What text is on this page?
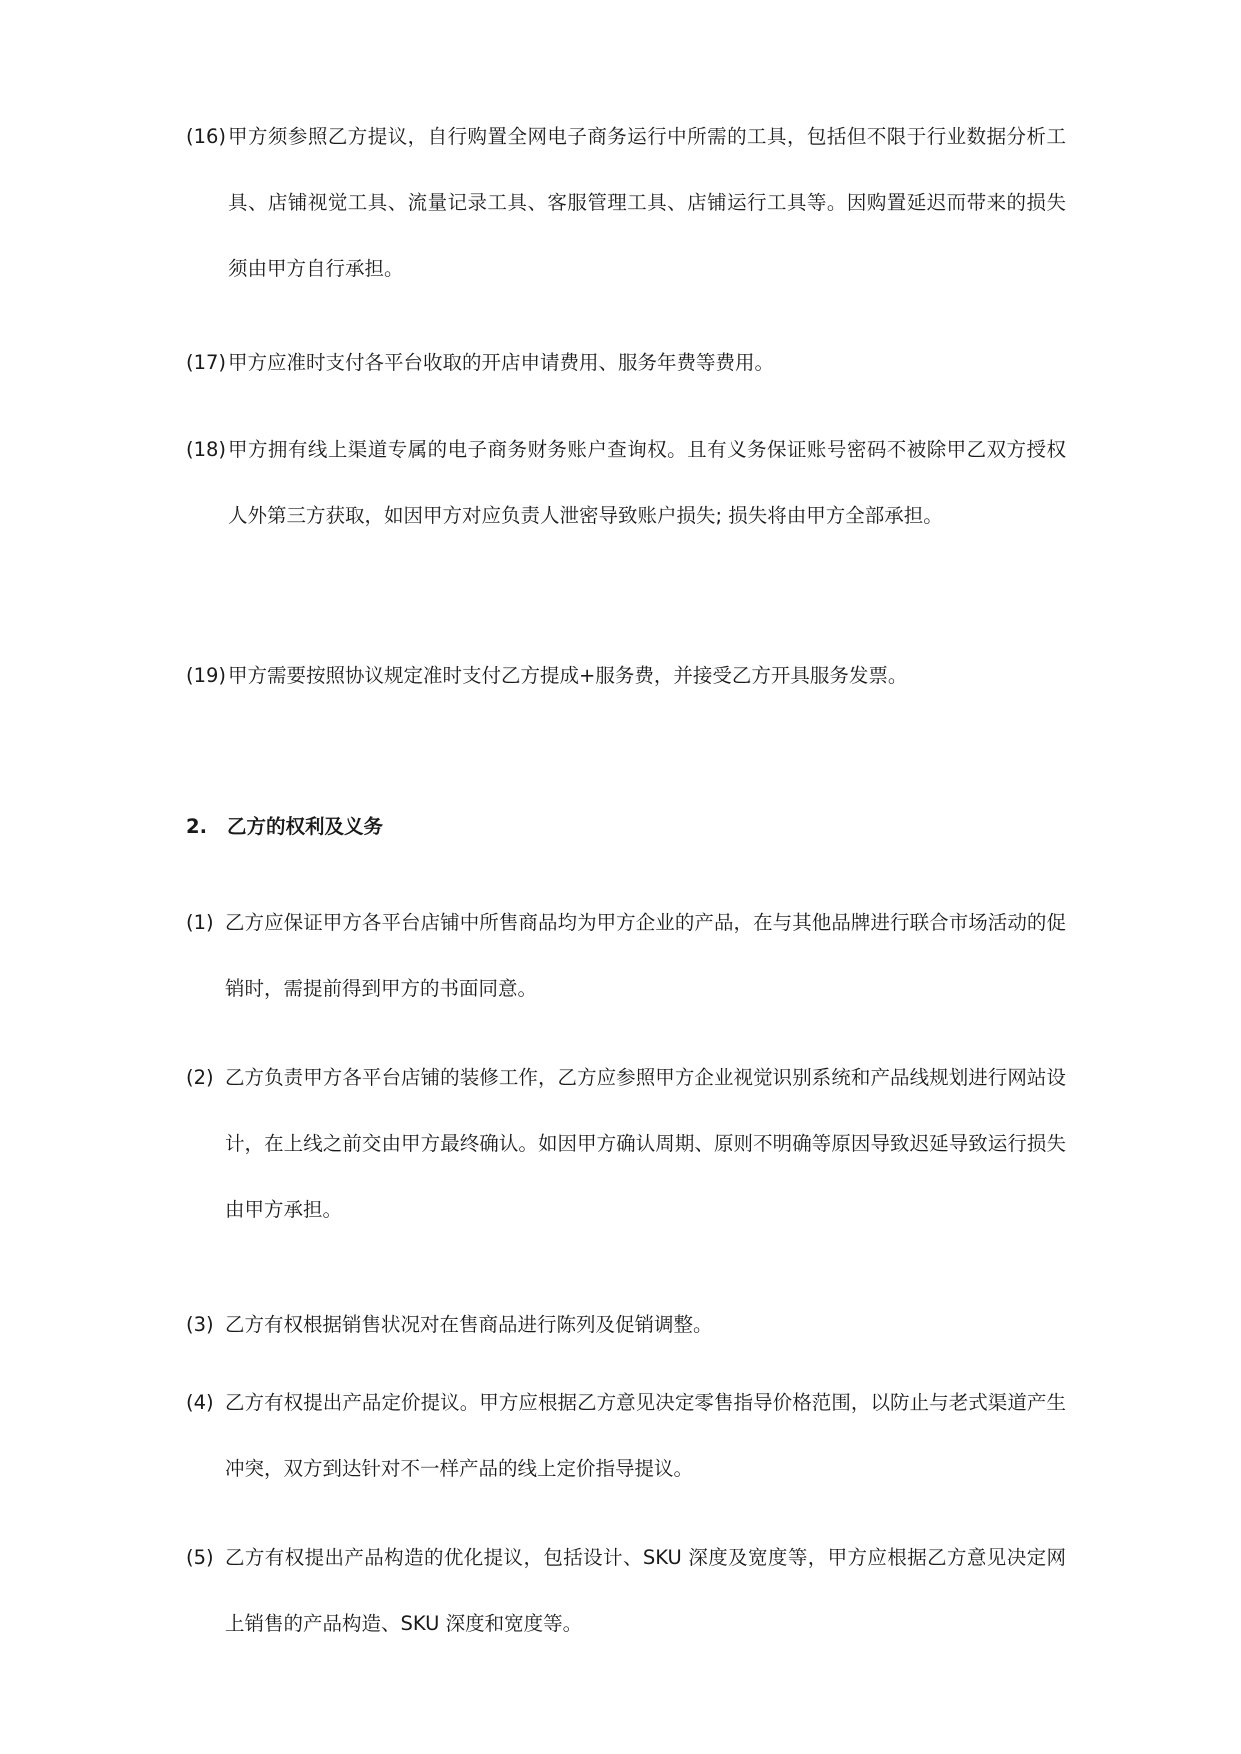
(16) 甲方须参照乙方提议，自行购置全网电子商务运行中所需的工具，包括但不限于行业数据分析工具、店铺视觉工具、流量记录工具、客服管理工具、店铺运行工具等。因购置延迟而带来的损失须由甲方自行承担。
(17) 甲方应准时支付各平台收取的开店申请费用、服务年费等费用。
(18) 甲方拥有线上渠道专属的电子商务财务账户查询权。且有义务保证账号密码不被除甲乙双方授权人外第三方获取，如因甲方对应负责人泄密导致账户损失; 损失将由甲方全部承担。
(19) 甲方需要按照协议规定准时支付乙方提成+服务费，并接受乙方开具服务发票。
2. 乙方的权利及义务
(1) 乙方应保证甲方各平台店铺中所售商品均为甲方企业的产品，在与其他品牌进行联合市场活动的促销时，需提前得到甲方的书面同意。
(2) 乙方负责甲方各平台店铺的装修工作，乙方应参照甲方企业视觉识别系统和产品线规划进行网站设计，在上线之前交由甲方最终确认。如因甲方确认周期、原则不明确等原因导致迟延导致运行损失由甲方承担。
(3) 乙方有权根据销售状况对在售商品进行陈列及促销调整。
(4) 乙方有权提出产品定价提议。甲方应根据乙方意见决定零售指导价格范围，以防止与老式渠道产生冲突，双方到达针对不一样产品的线上定价指导提议。
(5) 乙方有权提出产品构造的优化提议，包括设计、SKU 深度及宽度等，甲方应根据乙方意见决定网上销售的产品构造、SKU 深度和宽度等。
